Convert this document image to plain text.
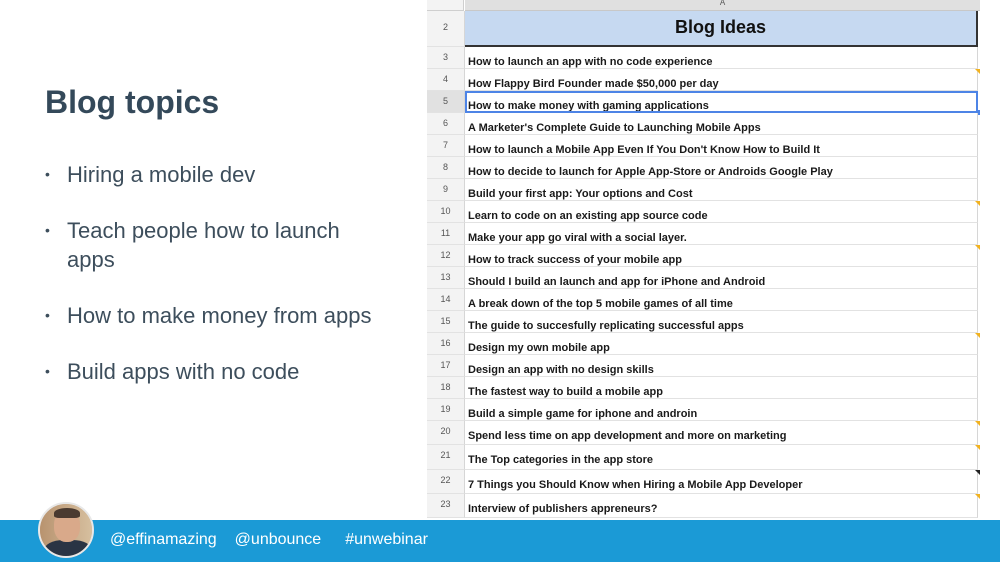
Blog topics
• Hiring a mobile dev
• Teach people how to launch apps
• How to make money from apps
• Build apps with no code
A
2	Blog Ideas
3	How to launch an app with no code experience
4	How Flappy Bird Founder made $50,000 per day
5	How to make money with gaming applications
6	A Marketer's Complete Guide to Launching Mobile Apps
7	How to launch a Mobile App Even If You Don't Know How to Build It
8	How to decide to launch for Apple App-Store or Androids Google Play
9	Build your first app: Your options and Cost
10	Learn to code on an existing app source code
11	Make your app go viral with a social layer.
12	How to track success of your mobile app
13	Should I build an launch and app for iPhone and Android
14	A break down of the top 5 mobile games of all time
15	The guide to succesfully replicating successful apps
16	Design my own mobile app
17	Design an app with no design skills
18	The fastest way to build a mobile app
19	Build a simple game for iphone and androin
20	Spend less time on app development and more on marketing
21	The Top categories in the app store
22	7 Things you Should Know when Hiring a Mobile App Developer
23	Interview of publishers appreneurs?
@effinamazing @unbounce #unwebinar
